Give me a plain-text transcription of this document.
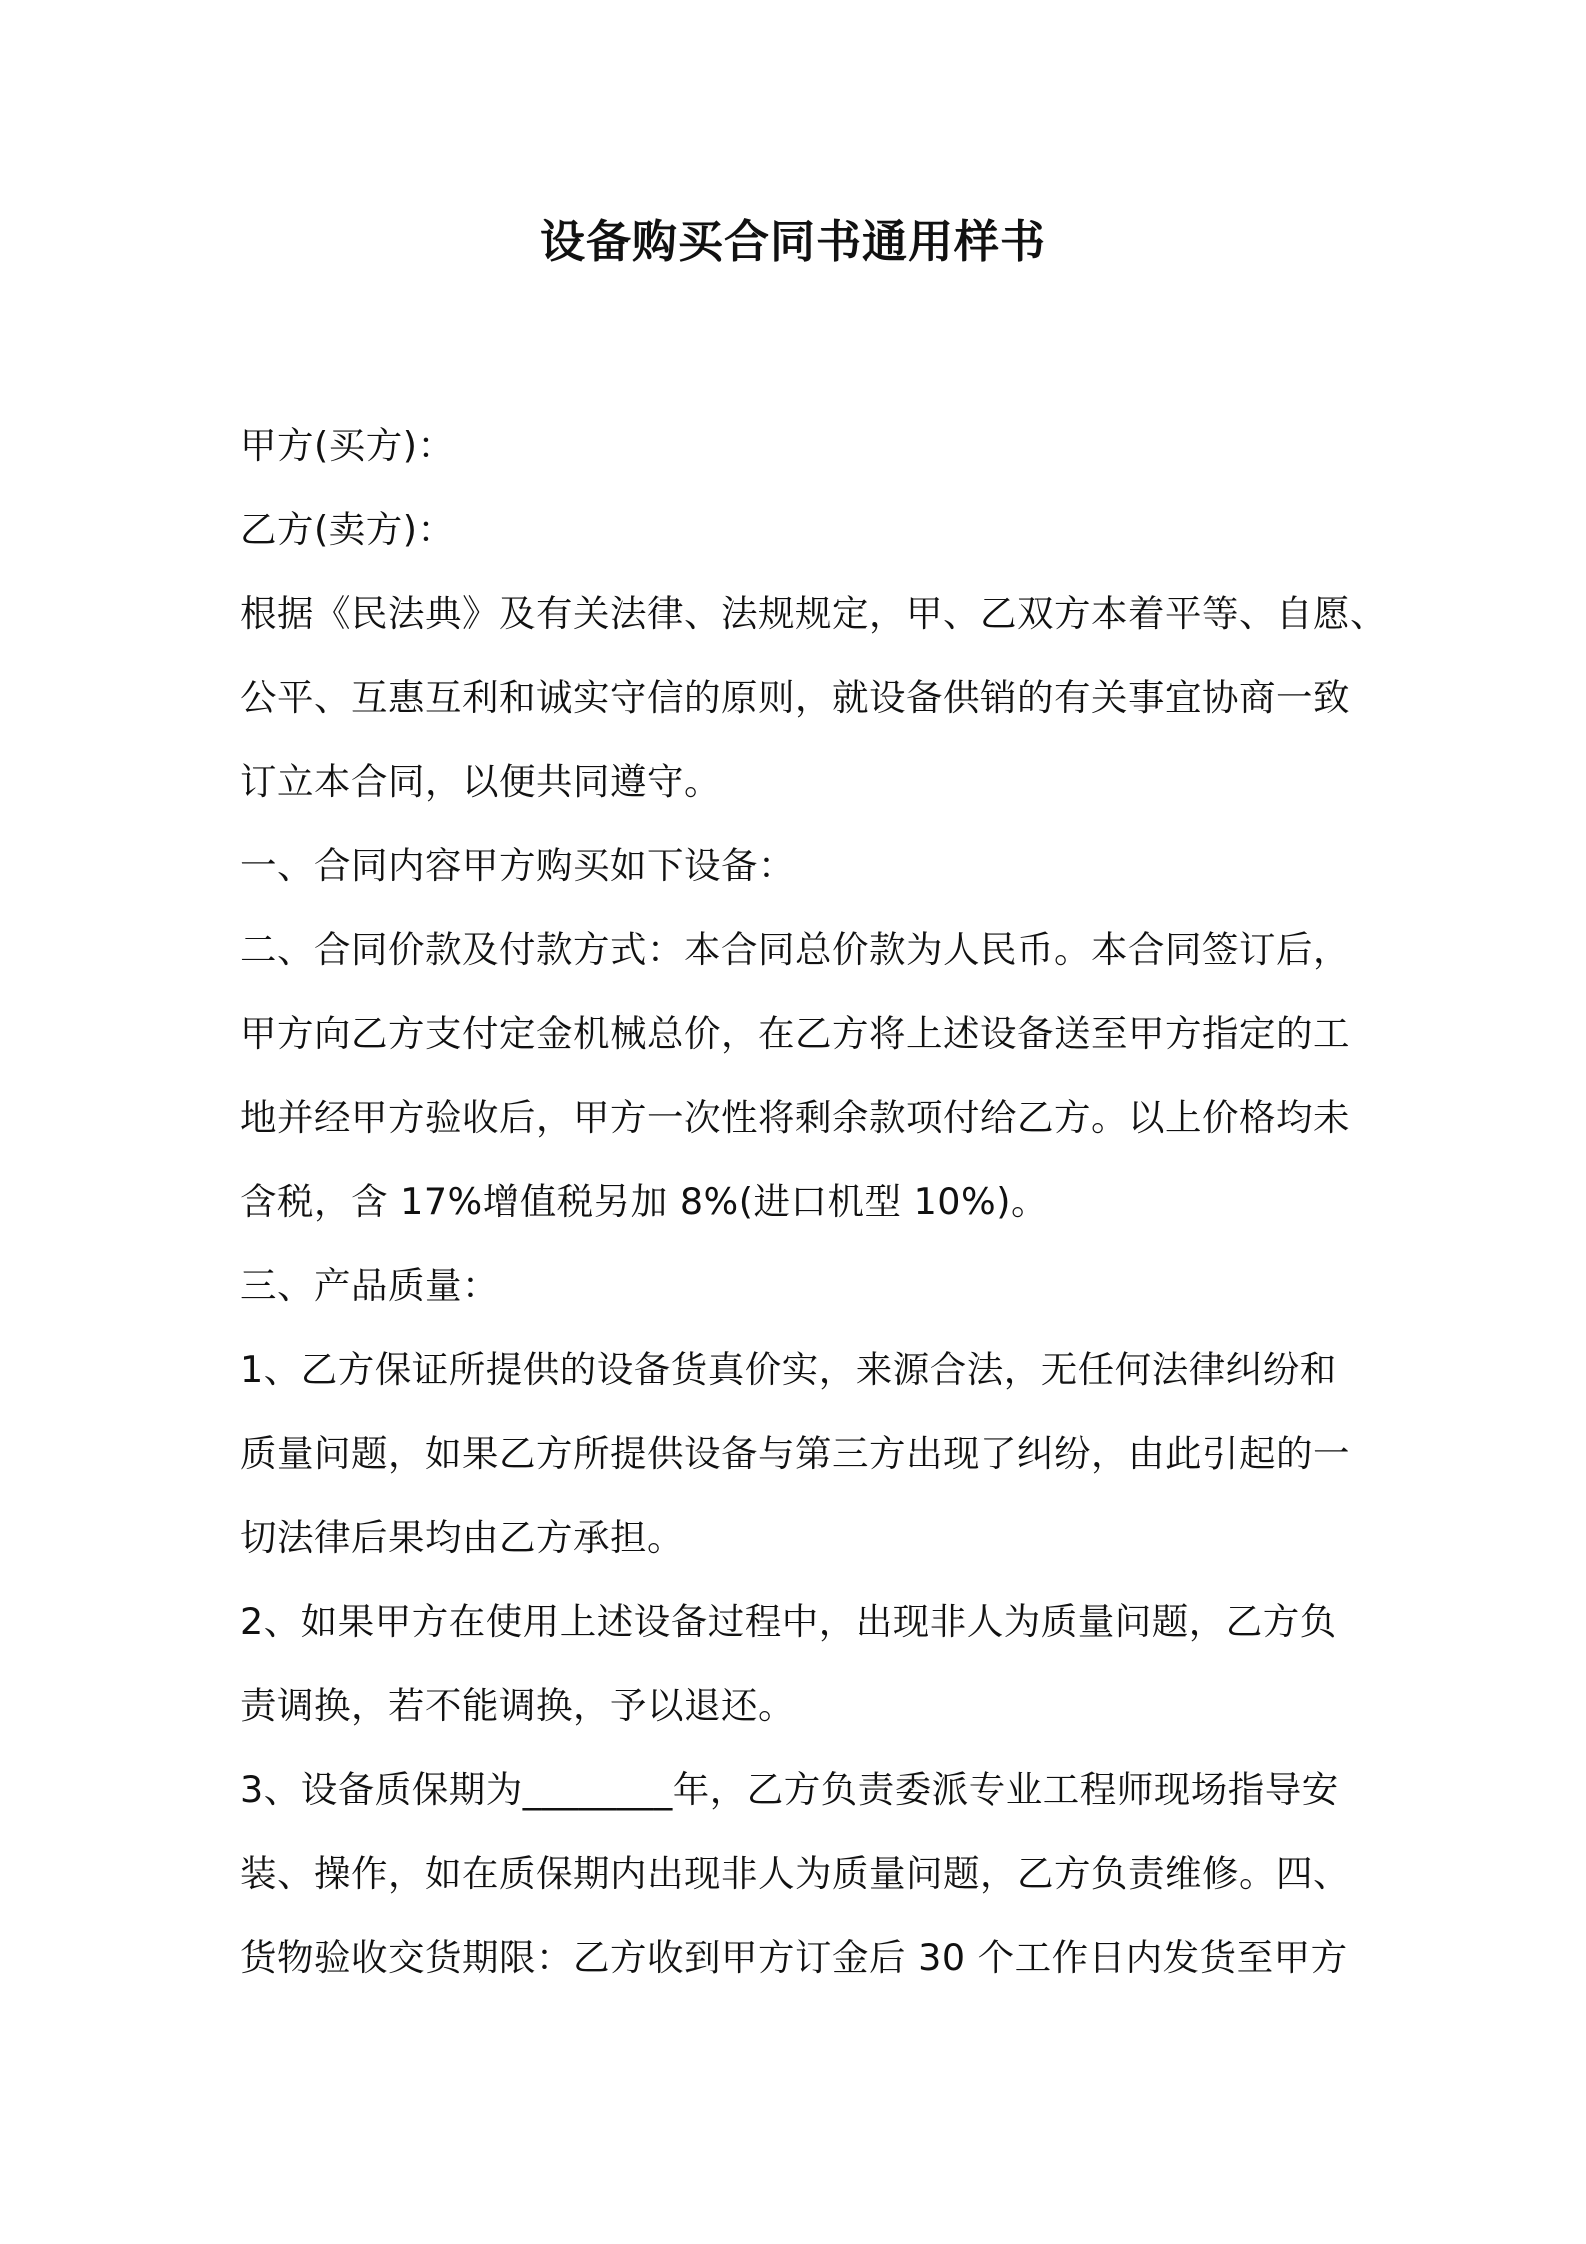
设备购买合同书通用样书
甲方(买方)：
乙方(卖方)：
根据《民法典》及有关法律、法规规定，甲、乙双方本着平等、自愿、
公平、互惠互利和诚实守信的原则，就设备供销的有关事宜协商一致
订立本合同，以便共同遵守。
一、合同内容甲方购买如下设备：
二、合同价款及付款方式：本合同总价款为人民币。本合同签订后，
甲方向乙方支付定金机械总价，在乙方将上述设备送至甲方指定的工
地并经甲方验收后，甲方一次性将剩余款项付给乙方。以上价格均未
含税，含 17%增值税另加 8%(进口机型 10%)。
三、产品质量：
1、乙方保证所提供的设备货真价实，来源合法，无任何法律纠纷和
质量问题，如果乙方所提供设备与第三方出现了纠纷，由此引起的一
切法律后果均由乙方承担。
2、如果甲方在使用上述设备过程中，出现非人为质量问题，乙方负
责调换，若不能调换，予以退还。
3、设备质保期为________年，乙方负责委派专业工程师现场指导安
装、操作，如在质保期内出现非人为质量问题，乙方负责维修。四、
货物验收交货期限：乙方收到甲方订金后 30 个工作日内发货至甲方
